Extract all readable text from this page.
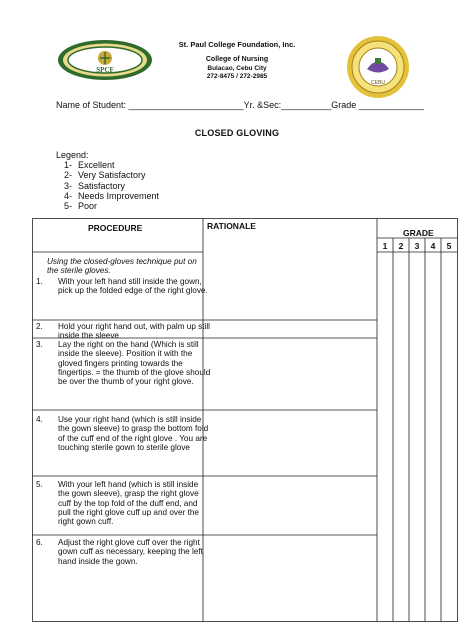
SPCF
St. Paul College Foundation, Inc.
College of Nursing
Bulacao, Cebu City
272-8475 / 272-2985
CEBU
Name of Student: _______________________Yr. &Sec:__________Grade _____________
CLOSED GLOVING
Legend:
1- Excellent
2- Very Satisfactory
3- Satisfactory
4- Needs Improvement
5- Poor
PROCEDURE	RATIONALE
GRADE
1	2	3	4	5
Using the closed-gloves technique put on the sterile gloves.
1.	With your left hand still inside the gown, pick up the folded edge of the right glove.
2.	Hold your right hand out, with palm up still inside the sleeve
3.	Lay the right on the hand (Which is still inside the sleeve). Position it with the gloved fingers printing towards the fingertips. = the thumb of the glove should be over the thumb of your right glove.
4.	Use your right hand (which is still inside the gown sleeve) to grasp the bottom fold of the cuff end of the right glove . You are touching sterile gown to sterile glove
5.	With your left hand (which is still inside the gown sleeve), grasp the right glove cuff by the top fold of the duff end, and pull the right glove cuff up and over the right gown cuff.
6.	Adjust the right glove cuff over the right gown cuff as necessary, keeping the left hand inside the gown.
